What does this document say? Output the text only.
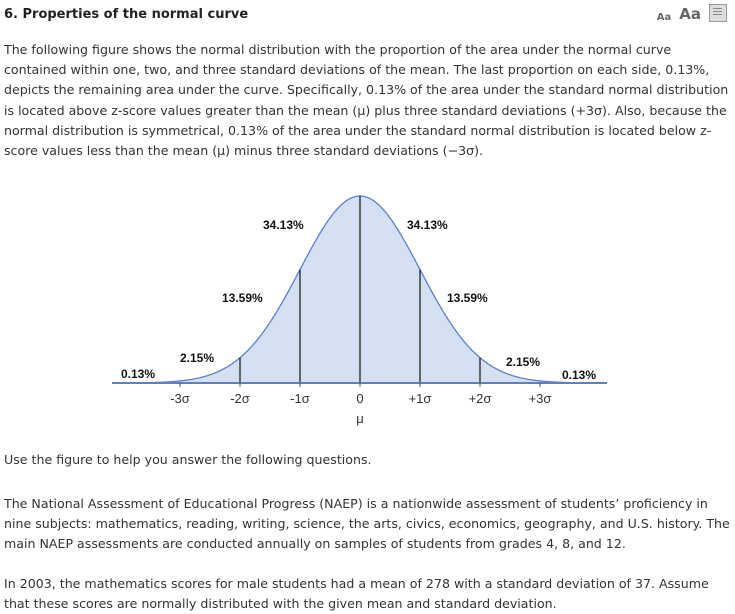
6. Properties of the normal curve	Aa Aa

The following figure shows the normal distribution with the proportion of the area under the normal curve contained within one, two, and three standard deviations of the mean. The last proportion on each side, 0.13%, depicts the remaining area under the curve. Specifically, 0.13% of the area under the standard normal distribution is located above z-score values greater than the mean (μ) plus three standard deviations (+3σ). Also, because the normal distribution is symmetrical, 0.13% of the area under the standard normal distribution is located below z-score values less than the mean (μ) minus three standard deviations (−3σ).

0.13%
2.15%
13.59%
34.13%	34.13%
13.59%
2.15%
0.13%
-3σ	-2σ	-1σ	0	+1σ	+2σ	+3σ
μ

Use the figure to help you answer the following questions.

The National Assessment of Educational Progress (NAEP) is a nationwide assessment of students’ proficiency in nine subjects: mathematics, reading, writing, science, the arts, civics, economics, geography, and U.S. history. The main NAEP assessments are conducted annually on samples of students from grades 4, 8, and 12.

In 2003, the mathematics scores for male students had a mean of 278 with a standard deviation of 37. Assume that these scores are normally distributed with the given mean and standard deviation.
